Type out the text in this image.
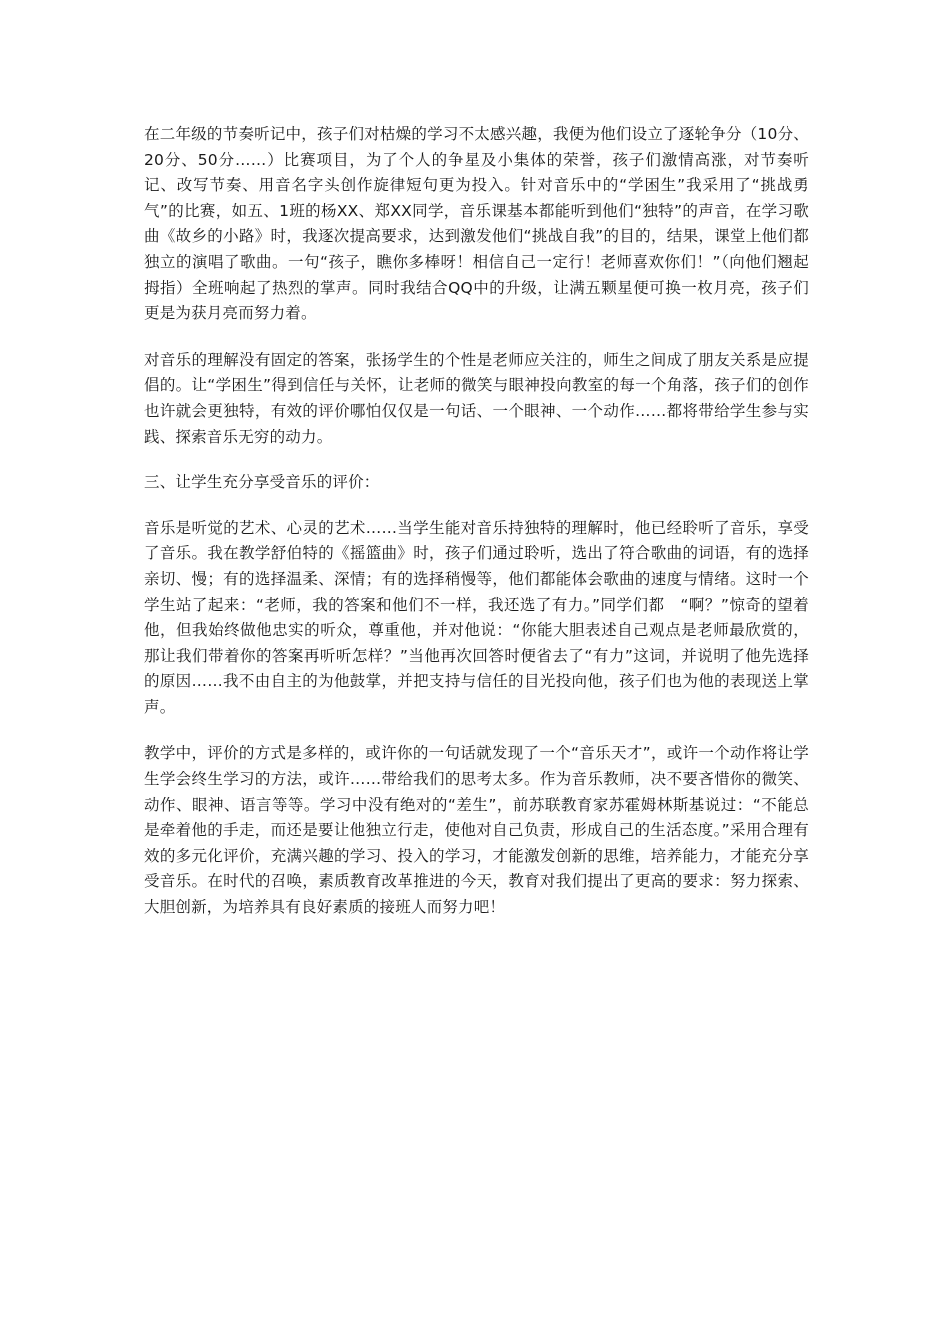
在二年级的节奏听记中，孩子们对枯燥的学习不太感兴趣，我便为他们设立了逐轮争分（10分、20分、50分……）比赛项目，为了个人的争星及小集体的荣誉，孩子们激情高涨，对节奏听记、改写节奏、用音名字头创作旋律短句更为投入。针对音乐中的“学困生”我采用了“挑战勇气”的比赛，如五、1班的杨XX、郑XX同学，音乐课基本都能听到他们“独特”的声音，在学习歌曲《故乡的小路》时，我逐次提高要求，达到激发他们“挑战自我”的目的，结果，课堂上他们都独立的演唱了歌曲。一句“孩子，瞧你多棒呀！相信自己一定行！老师喜欢你们！”（向他们翘起拇指）全班响起了热烈的掌声。同时我结合QQ中的升级，让满五颗星便可换一枚月亮，孩子们更是为获月亮而努力着。

对音乐的理解没有固定的答案，张扬学生的个性是老师应关注的，师生之间成了朋友关系是应提倡的。让“学困生”得到信任与关怀，让老师的微笑与眼神投向教室的每一个角落，孩子们的创作也许就会更独特，有效的评价哪怕仅仅是一句话、一个眼神、一个动作……都将带给学生参与实践、探索音乐无穷的动力。

三、让学生充分享受音乐的评价：

音乐是听觉的艺术、心灵的艺术……当学生能对音乐持独特的理解时，他已经聆听了音乐，享受了音乐。我在教学舒伯特的《摇篮曲》时，孩子们通过聆听，选出了符合歌曲的词语，有的选择亲切、慢；有的选择温柔、深情；有的选择稍慢等，他们都能体会歌曲的速度与情绪。这时一个学生站了起来：“老师，我的答案和他们不一样，我还选了有力。”同学们都　“啊？”惊奇的望着他，但我始终做他忠实的听众，尊重他，并对他说：“你能大胆表述自己观点是老师最欣赏的，那让我们带着你的答案再听听怎样？”当他再次回答时便省去了“有力”这词，并说明了他先选择的原因……我不由自主的为他鼓掌，并把支持与信任的目光投向他，孩子们也为他的表现送上掌声。

教学中，评价的方式是多样的，或许你的一句话就发现了一个“音乐天才”，或许一个动作将让学生学会终生学习的方法，或许……带给我们的思考太多。作为音乐教师，决不要吝惜你的微笑、动作、眼神、语言等等。学习中没有绝对的“差生”，前苏联教育家苏霍姆林斯基说过：“不能总是牵着他的手走，而还是要让他独立行走，使他对自己负责，形成自己的生活态度。”采用合理有效的多元化评价，充满兴趣的学习、投入的学习，才能激发创新的思维，培养能力，才能充分享受音乐。在时代的召唤，素质教育改革推进的今天，教育对我们提出了更高的要求：努力探索、大胆创新，为培养具有良好素质的接班人而努力吧！
